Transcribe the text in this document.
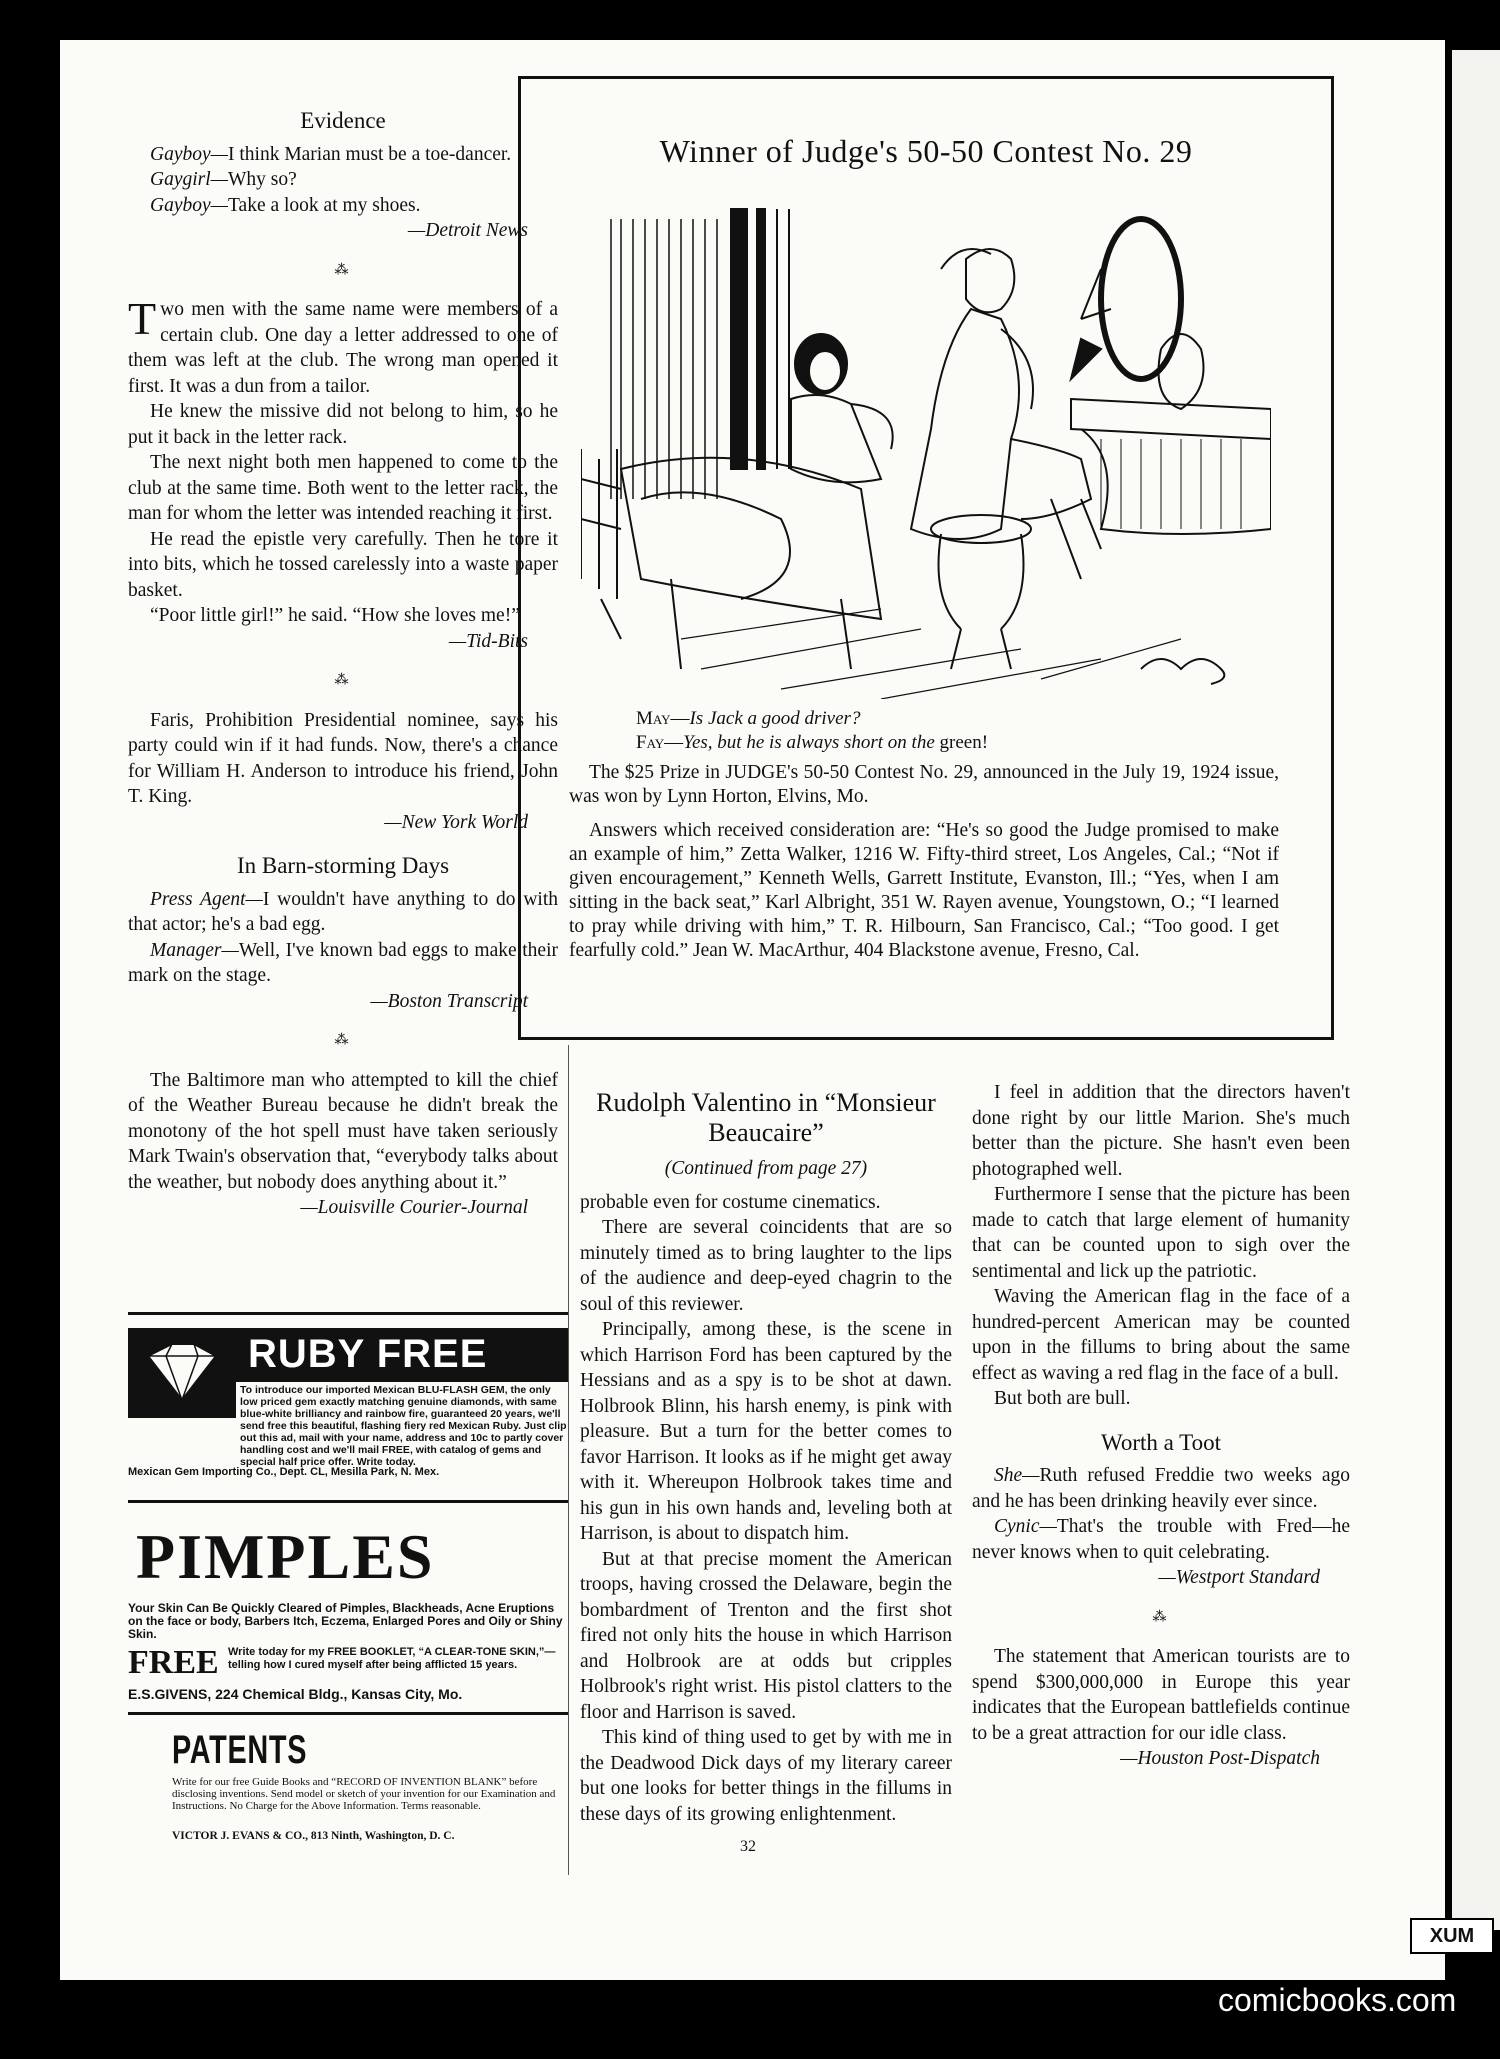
Evidence

Gayboy—I think Marian must be a toe-dancer.

Gaygirl—Why so?

Gayboy—Take a look at my shoes.

—Detroit News
⁂

Two men with the same name were members of a certain club. One day a letter addressed to one of them was left at the club. The wrong man opened it first. It was a dun from a tailor.

He knew the missive did not belong to him, so he put it back in the letter rack.

The next night both men happened to come to the club at the same time. Both went to the letter rack, the man for whom the letter was intended reaching it first.

He read the epistle very carefully. Then he tore it into bits, which he tossed carelessly into a waste paper basket.

“Poor little girl!” he said. “How she loves me!”

—Tid-Bits
⁂

Faris, Prohibition Presidential nominee, says his party could win if it had funds. Now, there's a chance for William H. Anderson to introduce his friend, John T. King.

—New York World
In Barn-storming Days

Press Agent—I wouldn't have anything to do with that actor; he's a bad egg.

Manager—Well, I've known bad eggs to make their mark on the stage.

—Boston Transcript
⁂

The Baltimore man who attempted to kill the chief of the Weather Bureau because he didn't break the monotony of the hot spell must have taken seriously Mark Twain's observation that, “everybody talks about the weather, but nobody does anything about it.”

—Louisville Courier-Journal
Winner of Judge's 50-50 Contest No. 29
May—Is Jack a good driver?
Fay—Yes, but he is always short on the green!

The $25 Prize in JUDGE's 50-50 Contest No. 29, announced in the July 19, 1924 issue, was won by Lynn Horton, Elvins, Mo.

Answers which received consideration are: “He's so good the Judge promised to make an example of him,” Zetta Walker, 1216 W. Fifty-third street, Los Angeles, Cal.; “Not if given encouragement,” Kenneth Wells, Garrett Institute, Evanston, Ill.; “Yes, when I am sitting in the back seat,” Karl Albright, 351 W. Rayen avenue, Youngstown, O.; “I learned to pray while driving with him,” T. R. Hilbourn, San Francisco, Cal.; “Too good. I get fearfully cold.” Jean W. MacArthur, 404 Blackstone avenue, Fresno, Cal.

RUBY FREE
To introduce our imported Mexican BLU-FLASH GEM, the only low priced gem exactly matching genuine diamonds, with same blue-white brilliancy and rainbow fire, guaranteed 20 years, we'll send free this beautiful, flashing fiery red Mexican Ruby. Just clip out this ad, mail with your name, address and 10c to partly cover handling cost and we'll mail FREE, with catalog of gems and special half price offer. Write today.
Mexican Gem Importing Co., Dept. CL, Mesilla Park, N. Mex.
PIMPLES
Your Skin Can Be Quickly Cleared of Pimples, Blackheads, Acne Eruptions on the face or body, Barbers Itch, Eczema, Enlarged Pores and Oily or Shiny Skin.
FREE Write today for my FREE BOOKLET, “A CLEAR-TONE SKIN,”—telling how I cured myself after being afflicted 15 years.
E.S.GIVENS, 224 Chemical Bldg., Kansas City, Mo.
PATENTS
Write for our free Guide Books and “RECORD OF INVENTION BLANK” before disclosing inventions. Send model or sketch of your invention for our Examination and Instructions. No Charge for the Above Information. Terms reasonable.
VICTOR J. EVANS & CO., 813 Ninth, Washington, D. C.
Rudolph Valentino in “Monsieur Beaucaire”
(Continued from page 27)

probable even for costume cinematics.

There are several coincidents that are so minutely timed as to bring laughter to the lips of the audience and deep-eyed chagrin to the soul of this reviewer.

Principally, among these, is the scene in which Harrison Ford has been captured by the Hessians and as a spy is to be shot at dawn. Holbrook Blinn, his harsh enemy, is pink with pleasure. But a turn for the better comes to favor Harrison. It looks as if he might get away with it. Whereupon Holbrook takes time and his gun in his own hands and, leveling both at Harrison, is about to dispatch him.

But at that precise moment the American troops, having crossed the Delaware, begin the bombardment of Trenton and the first shot fired not only hits the house in which Harrison and Holbrook are at odds but cripples Holbrook's right wrist. His pistol clatters to the floor and Harrison is saved.

This kind of thing used to get by with me in the Deadwood Dick days of my literary career but one looks for better things in the fillums in these days of its growing enlightenment.

I feel in addition that the directors haven't done right by our little Marion. She's much better than the picture. She hasn't even been photographed well.

Furthermore I sense that the picture has been made to catch that large element of humanity that can be counted upon to sigh over the sentimental and lick up the patriotic.

Waving the American flag in the face of a hundred-percent American may be counted upon in the fillums to bring about the same effect as waving a red flag in the face of a bull.

But both are bull.

Worth a Toot

She—Ruth refused Freddie two weeks ago and he has been drinking heavily ever since.

Cynic—That's the trouble with Fred—he never knows when to quit celebrating.

—Westport Standard
⁂

The statement that American tourists are to spend $300,000,000 in Europe this year indicates that the European battlefields continue to be a great attraction for our idle class.

—Houston Post-Dispatch
32
XUM
comicbooks.com
